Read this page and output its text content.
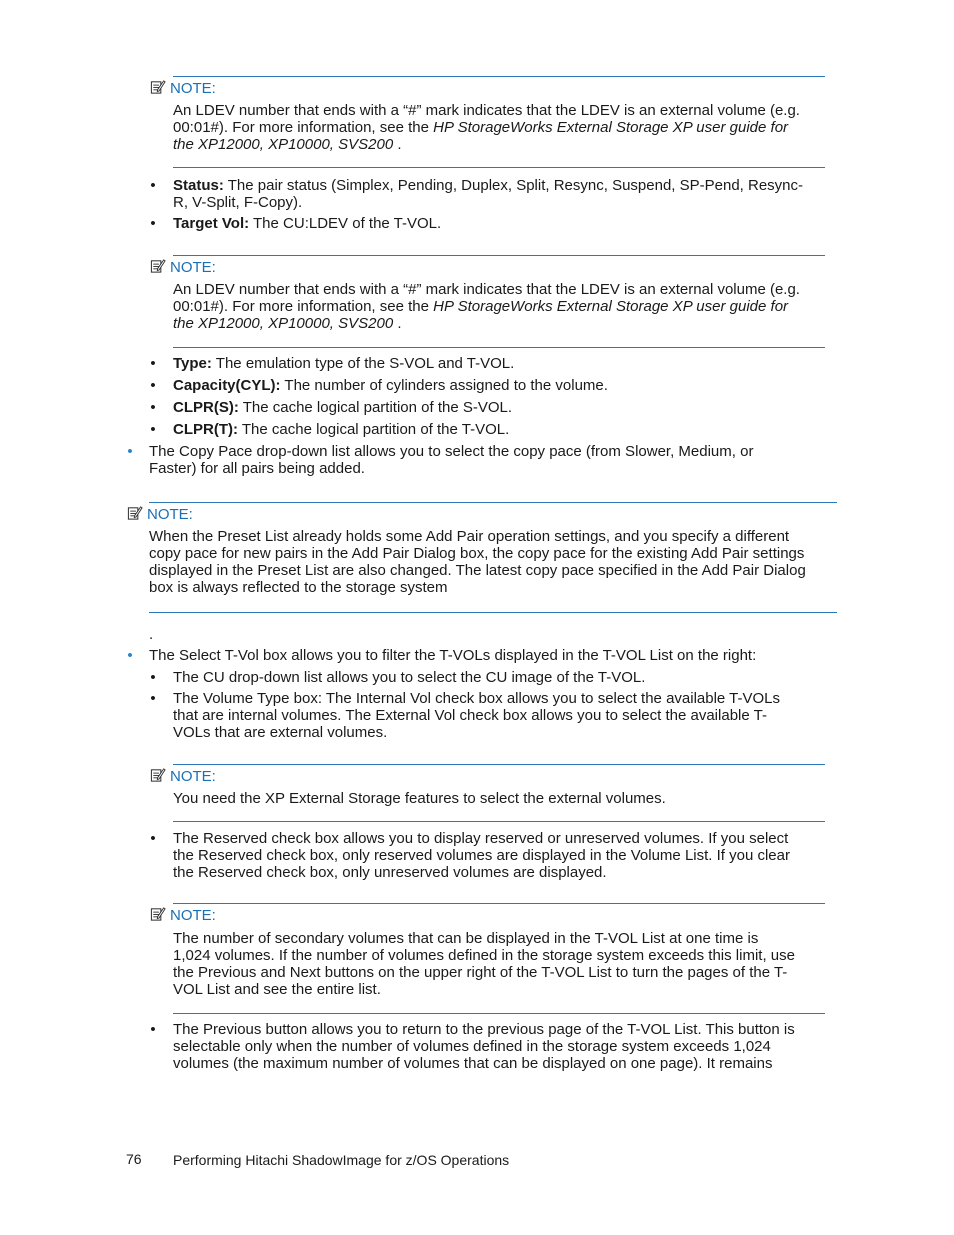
NOTE:
An LDEV number that ends with a “#” mark indicates that the LDEV is an external volume (e.g. 00:01#). For more information, see the HP StorageWorks External Storage XP user guide for the XP12000, XP10000, SVS200 .
• Status: The pair status (Simplex, Pending, Duplex, Split, Resync, Suspend, SP-Pend, Resync-R, V-Split, F-Copy).
• Target Vol: The CU:LDEV of the T-VOL.
NOTE:
An LDEV number that ends with a “#” mark indicates that the LDEV is an external volume (e.g. 00:01#). For more information, see the HP StorageWorks External Storage XP user guide for the XP12000, XP10000, SVS200 .
• Type: The emulation type of the S-VOL and T-VOL.
• Capacity(CYL): The number of cylinders assigned to the volume.
• CLPR(S): The cache logical partition of the S-VOL.
• CLPR(T): The cache logical partition of the T-VOL.
• The Copy Pace drop-down list allows you to select the copy pace (from Slower, Medium, or Faster) for all pairs being added.
NOTE:
When the Preset List already holds some Add Pair operation settings, and you specify a different copy pace for new pairs in the Add Pair Dialog box, the copy pace for the existing Add Pair settings displayed in the Preset List are also changed. The latest copy pace specified in the Add Pair Dialog box is always reflected to the storage system
.
• The Select T-Vol box allows you to filter the T-VOLs displayed in the T-VOL List on the right:
• The CU drop-down list allows you to select the CU image of the T-VOL.
• The Volume Type box: The Internal Vol check box allows you to select the available T-VOLs that are internal volumes. The External Vol check box allows you to select the available T-VOLs that are external volumes.
NOTE:
You need the XP External Storage features to select the external volumes.
• The Reserved check box allows you to display reserved or unreserved volumes. If you select the Reserved check box, only reserved volumes are displayed in the Volume List. If you clear the Reserved check box, only unreserved volumes are displayed.
NOTE:
The number of secondary volumes that can be displayed in the T-VOL List at one time is 1,024 volumes. If the number of volumes defined in the storage system exceeds this limit, use the Previous and Next buttons on the upper right of the T-VOL List to turn the pages of the T-VOL List and see the entire list.
• The Previous button allows you to return to the previous page of the T-VOL List. This button is selectable only when the number of volumes defined in the storage system exceeds 1,024 volumes (the maximum number of volumes that can be displayed on one page). It remains
76 Performing Hitachi ShadowImage for z/OS Operations
